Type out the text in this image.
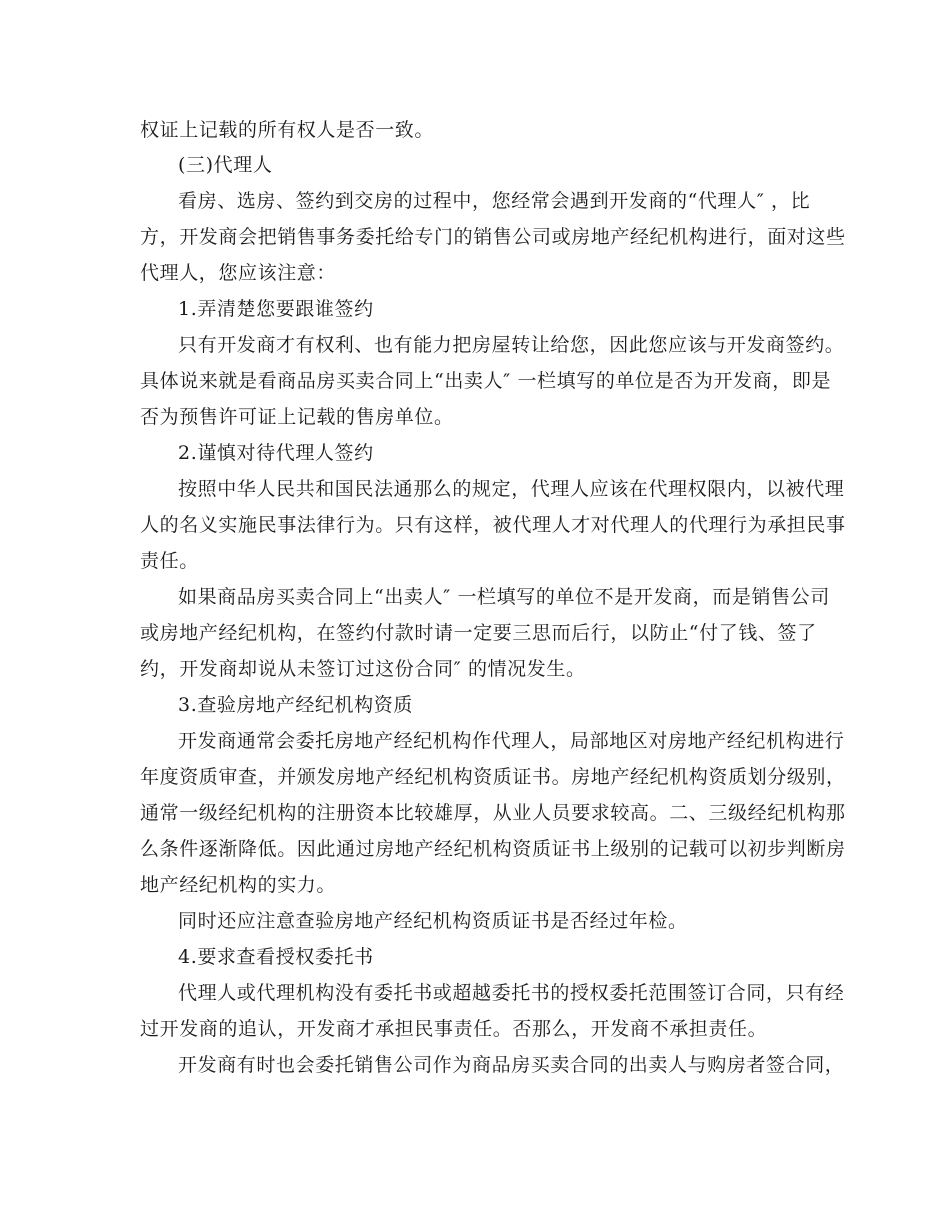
权证上记载的所有权人是否一致。

(三)代理人

看房、选房、签约到交房的过程中，您经常会遇到开发商的“代理人″ ，比

方，开发商会把销售事务委托给专门的销售公司或房地产经纪机构进行，面对这些

代理人，您应该注意：

1.弄清楚您要跟谁签约

只有开发商才有权利、也有能力把房屋转让给您，因此您应该与开发商签约。

具体说来就是看商品房买卖合同上“出卖人″ 一栏填写的单位是否为开发商，即是

否为预售许可证上记载的售房单位。

2.谨慎对待代理人签约

按照中华人民共和国民法通那么的规定，代理人应该在代理权限内，以被代理

人的名义实施民事法律行为。只有这样，被代理人才对代理人的代理行为承担民事

责任。

如果商品房买卖合同上“出卖人″ 一栏填写的单位不是开发商，而是销售公司

或房地产经纪机构，在签约付款时请一定要三思而后行，以防止“付了钱、签了

约，开发商却说从未签订过这份合同″ 的情况发生。

3.查验房地产经纪机构资质

开发商通常会委托房地产经纪机构作代理人，局部地区对房地产经纪机构进行

年度资质审查，并颁发房地产经纪机构资质证书。房地产经纪机构资质划分级别，

通常一级经纪机构的注册资本比较雄厚，从业人员要求较高。二、三级经纪机构那

么条件逐渐降低。因此通过房地产经纪机构资质证书上级别的记载可以初步判断房

地产经纪机构的实力。

同时还应注意查验房地产经纪机构资质证书是否经过年检。

4.要求查看授权委托书

代理人或代理机构没有委托书或超越委托书的授权委托范围签订合同，只有经

过开发商的追认，开发商才承担民事责任。否那么，开发商不承担责任。

开发商有时也会委托销售公司作为商品房买卖合同的出卖人与购房者签合同，
